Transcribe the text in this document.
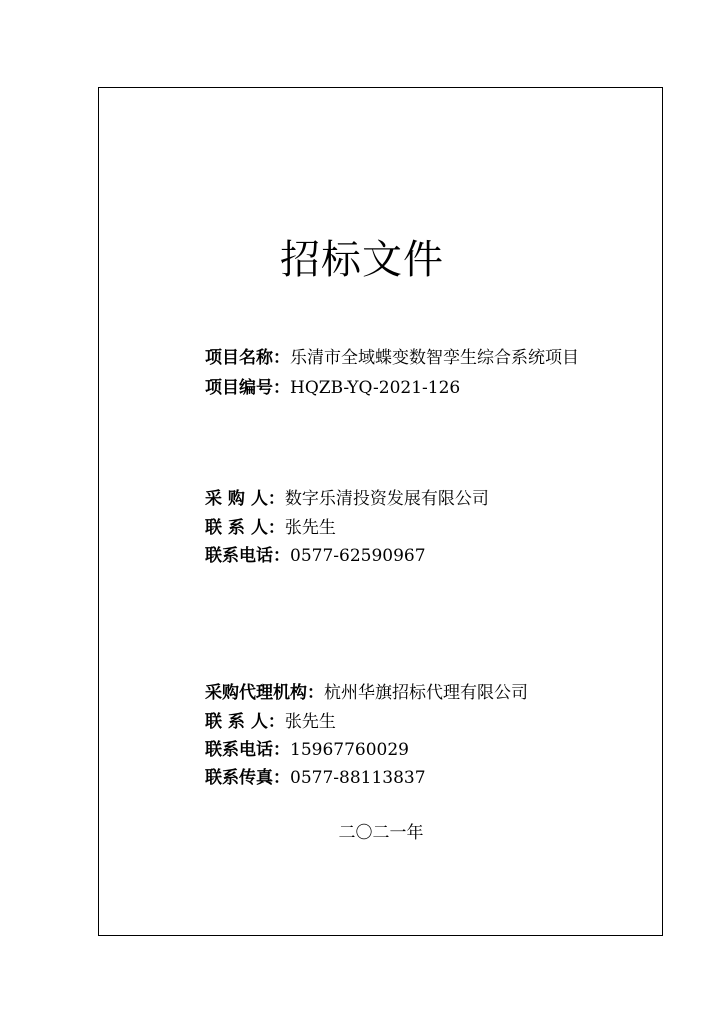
招标文件
项目名称：乐清市全域蝶变数智孪生综合系统项目
项目编号：HQZB-YQ-2021-126
采 购 人：数字乐清投资发展有限公司
联 系 人：张先生
联系电话：0577-62590967
采购代理机构：杭州华旗招标代理有限公司
联 系 人：张先生
联系电话：15967760029
联系传真：0577-88113837
二〇二一年
